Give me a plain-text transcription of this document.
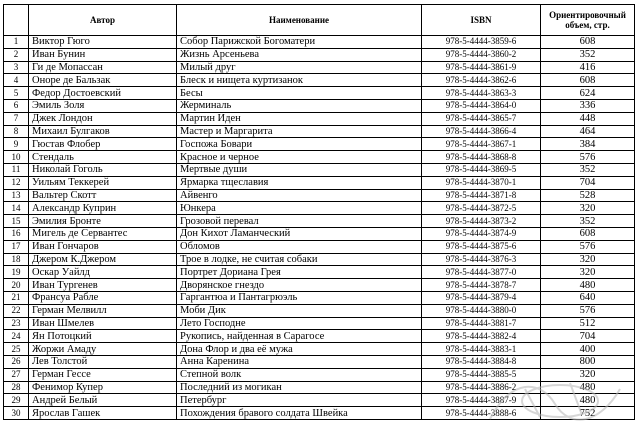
	Автор	Наименование	ISBN	Ориентировочный объем, стр.
1	Виктор Гюго	Собор Парижской Богоматери	978-5-4444-3859-6	608
2	Иван Бунин	Жизнь Арсеньева	978-5-4444-3860-2	352
3	Ги де Мопассан	Милый друг	978-5-4444-3861-9	416
4	Оноре де Бальзак	Блеск и нищета куртизанок	978-5-4444-3862-6	608
5	Федор Достоевский	Бесы	978-5-4444-3863-3	624
6	Эмиль Золя	Жерминаль	978-5-4444-3864-0	336
7	Джек Лондон	Мартин Иден	978-5-4444-3865-7	448
8	Михаил Булгаков	Мастер и Маргарита	978-5-4444-3866-4	464
9	Гюстав Флобер	Госпожа Бовари	978-5-4444-3867-1	384
10	Стендаль	Красное и черное	978-5-4444-3868-8	576
11	Николай Гоголь	Мертвые души	978-5-4444-3869-5	352
12	Уильям Теккерей	Ярмарка тщеславия	978-5-4444-3870-1	704
13	Вальтер Скотт	Айвенго	978-5-4444-3871-8	528
14	Александр Куприн	Юнкера	978-5-4444-3872-5	320
15	Эмилия Бронте	Грозовой перевал	978-5-4444-3873-2	352
16	Мигель де Сервантес	Дон Кихот Ламанческий	978-5-4444-3874-9	608
17	Иван Гончаров	Обломов	978-5-4444-3875-6	576
18	Джером К.Джером	Трое в лодке, не считая собаки	978-5-4444-3876-3	320
19	Оскар Уайлд	Портрет Дориана Грея	978-5-4444-3877-0	320
20	Иван Тургенев	Дворянское гнездо	978-5-4444-3878-7	480
21	Франсуа Рабле	Гаргантюа и Пантагрюэль	978-5-4444-3879-4	640
22	Герман Мелвилл	Моби Дик	978-5-4444-3880-0	576
23	Иван Шмелев	Лето Господне	978-5-4444-3881-7	512
24	Ян Потоцкий	Рукопись, найденная в Сарагосе	978-5-4444-3882-4	704
25	Жоржи Амаду	Дона Флор и два её мужа	978-5-4444-3883-1	400
26	Лев Толстой	Анна Каренина	978-5-4444-3884-8	800
27	Герман Гессе	Степной волк	978-5-4444-3885-5	320
28	Фенимор Купер	Последний из могикан	978-5-4444-3886-2	480
29	Андрей Белый	Петербург	978-5-4444-3887-9	480
30	Ярослав Гашек	Похождения бравого солдата Швейка	978-5-4444-3888-6	752
